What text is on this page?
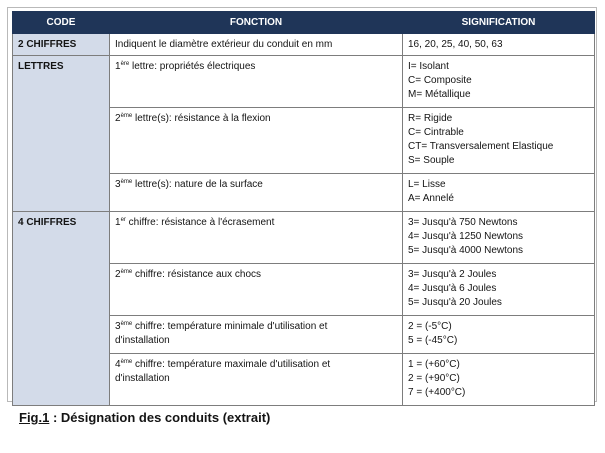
CODE	FONCTION	SIGNIFICATION
2 CHIFFRES	Indiquent le diamètre extérieur du conduit en mm	16, 20, 25, 40, 50, 63

LETTRES	1ère lettre: propriétés électriques	I= Isolant
C= Composite
M= Métallique

	2ème lettre(s): résistance à la flexion	R= Rigide
C= Cintrable
CT= Transversalement Elastique
S= Souple

	3ème lettre(s): nature de la surface	L= Lisse
A= Annelé

4 CHIFFRES	1er chiffre: résistance à l'écrasement	3= Jusqu'à 750 Newtons
4= Jusqu'à 1250 Newtons
5= Jusqu'à 4000 Newtons

	2ème chiffre: résistance aux chocs	3= Jusqu'à 2 Joules
4= Jusqu'à 6 Joules
5= Jusqu'à 20 Joules

	3ème chiffre: température minimale d'utilisation et
d'installation	2 = (-5°C)
5 = (-45°C)

	4ème chiffre: température maximale d'utilisation et
d'installation	1 = (+60°C)
2 = (+90°C)
7 = (+400°C)
Fig.1 : Désignation des conduits (extrait)
